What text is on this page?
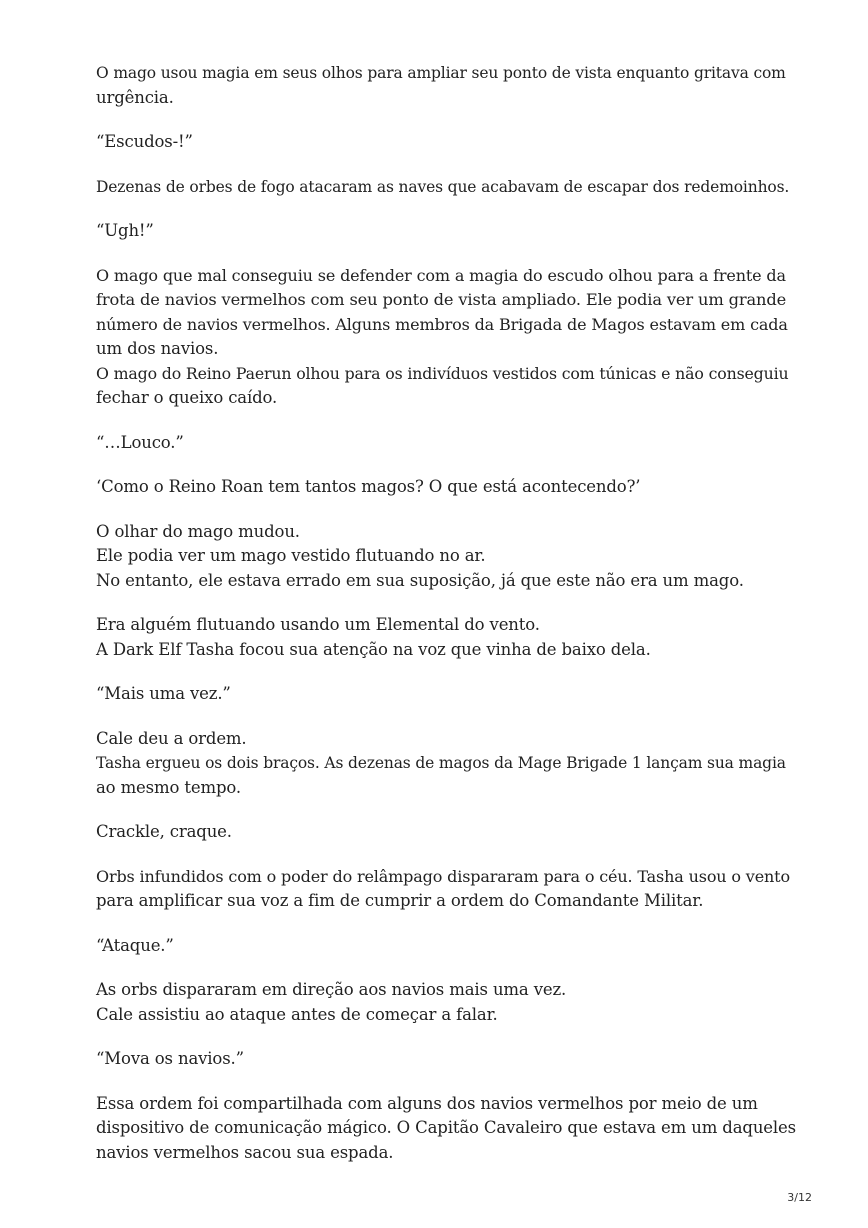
O mago usou magia em seus olhos para ampliar seu ponto de vista enquanto gritava com
urgência.

“Escudos-!”

Dezenas de orbes de fogo atacaram as naves que acabavam de escapar dos redemoinhos.

“Ugh!”

O mago que mal conseguiu se defender com a magia do escudo olhou para a frente da
frota de navios vermelhos com seu ponto de vista ampliado. Ele podia ver um grande
número de navios vermelhos. Alguns membros da Brigada de Magos estavam em cada
um dos navios.
O mago do Reino Paerun olhou para os indivíduos vestidos com túnicas e não conseguiu
fechar o queixo caído.

“…Louco.”

‘Como o Reino Roan tem tantos magos? O que está acontecendo?’

O olhar do mago mudou.
Ele podia ver um mago vestido flutuando no ar.
No entanto, ele estava errado em sua suposição, já que este não era um mago.

Era alguém flutuando usando um Elemental do vento.
A Dark Elf Tasha focou sua atenção na voz que vinha de baixo dela.

“Mais uma vez.”

Cale deu a ordem.
Tasha ergueu os dois braços. As dezenas de magos da Mage Brigade 1 lançam sua magia
ao mesmo tempo.

Crackle, craque.

Orbs infundidos com o poder do relâmpago dispararam para o céu. Tasha usou o vento
para amplificar sua voz a fim de cumprir a ordem do Comandante Militar.

“Ataque.”

As orbs dispararam em direção aos navios mais uma vez.
Cale assistiu ao ataque antes de começar a falar.

“Mova os navios.”

Essa ordem foi compartilhada com alguns dos navios vermelhos por meio de um
dispositivo de comunicação mágico. O Capitão Cavaleiro que estava em um daqueles
navios vermelhos sacou sua espada.

3/12
